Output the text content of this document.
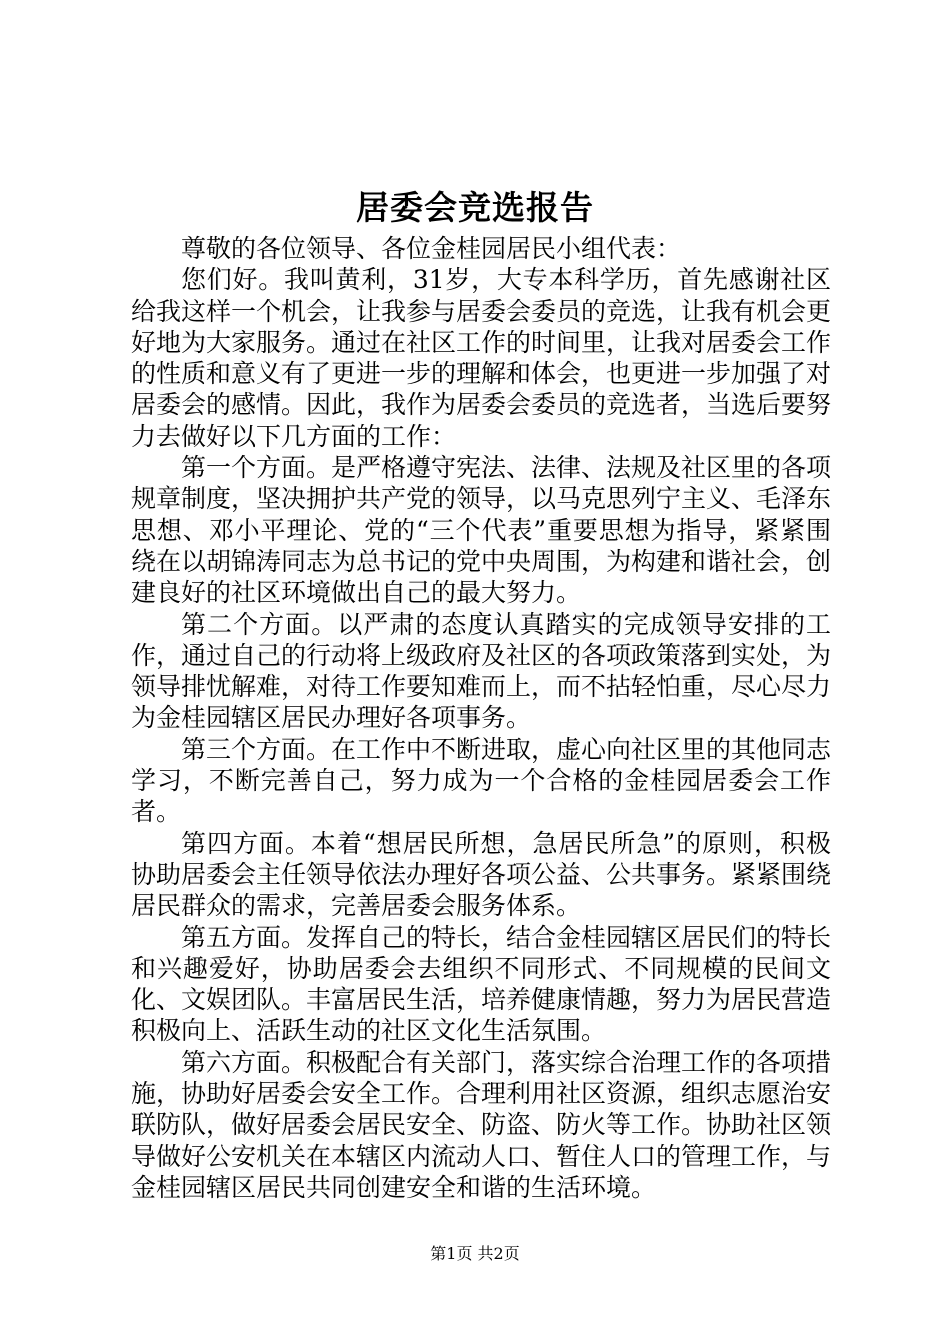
居委会竞选报告

尊敬的各位领导、各位金桂园居民小组代表：

您们好。我叫黄利，31岁，大专本科学历，首先感谢社区给我这样一个机会，让我参与居委会委员的竞选，让我有机会更好地为大家服务。通过在社区工作的时间里，让我对居委会工作的性质和意义有了更进一步的理解和体会，也更进一步加强了对居委会的感情。因此，我作为居委会委员的竞选者，当选后要努力去做好以下几方面的工作：

第一个方面。是严格遵守宪法、法律、法规及社区里的各项规章制度，坚决拥护共产党的领导，以马克思列宁主义、毛泽东思想、邓小平理论、党的“三个代表”重要思想为指导，紧紧围绕在以胡锦涛同志为总书记的党中央周围，为构建和谐社会，创建良好的社区环境做出自己的最大努力。

第二个方面。以严肃的态度认真踏实的完成领导安排的工作，通过自己的行动将上级政府及社区的各项政策落到实处，为领导排忧解难，对待工作要知难而上，而不拈轻怕重，尽心尽力为金桂园辖区居民办理好各项事务。

第三个方面。在工作中不断进取，虚心向社区里的其他同志学习，不断完善自己，努力成为一个合格的金桂园居委会工作者。

第四方面。本着“想居民所想，急居民所急”的原则，积极协助居委会主任领导依法办理好各项公益、公共事务。紧紧围绕居民群众的需求，完善居委会服务体系。

第五方面。发挥自己的特长，结合金桂园辖区居民们的特长和兴趣爱好，协助居委会去组织不同形式、不同规模的民间文化、文娱团队。丰富居民生活，培养健康情趣，努力为居民营造积极向上、活跃生动的社区文化生活氛围。

第六方面。积极配合有关部门，落实综合治理工作的各项措施，协助好居委会安全工作。合理利用社区资源，组织志愿治安联防队，做好居委会居民安全、防盗、防火等工作。协助社区领导做好公安机关在本辖区内流动人口、暂住人口的管理工作，与金桂园辖区居民共同创建安全和谐的生活环境。

第1页 共2页
